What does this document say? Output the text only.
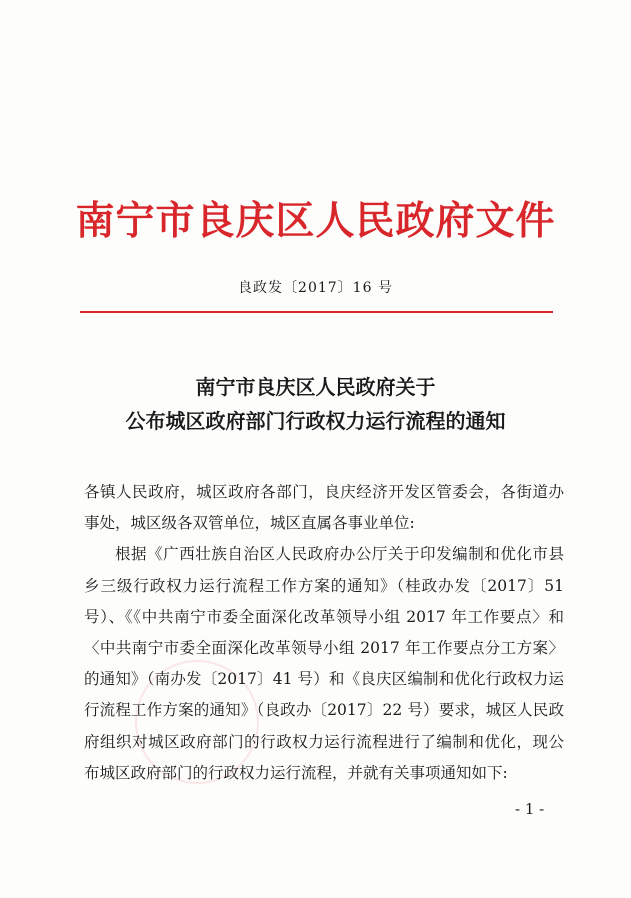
南宁市良庆区人民政府文件
良政发〔2017〕16 号
南宁市良庆区人民政府关于
公布城区政府部门行政权力运行流程的通知

各镇人民政府，城区政府各部门，良庆经济开发区管委会，各街道办事处，城区级各双管单位，城区直属各事业单位:

根据《广西壮族自治区人民政府办公厅关于印发编制和优化市县乡三级行政权力运行流程工作方案的通知》（桂政办发〔2017〕51 号）、《《中共南宁市委全面深化改革领导小组 2017 年工作要点〉和〈中共南宁市委全面深化改革领导小组 2017 年工作要点分工方案〉的通知》（南办发〔2017〕41 号）和《良庆区编制和优化行政权力运行流程工作方案的通知》（良政办〔2017〕22 号）要求，城区人民政府组织对城区政府部门的行政权力运行流程进行了编制和优化，现公布城区政府部门的行政权力运行流程，并就有关事项通知如下:

- 1 -
